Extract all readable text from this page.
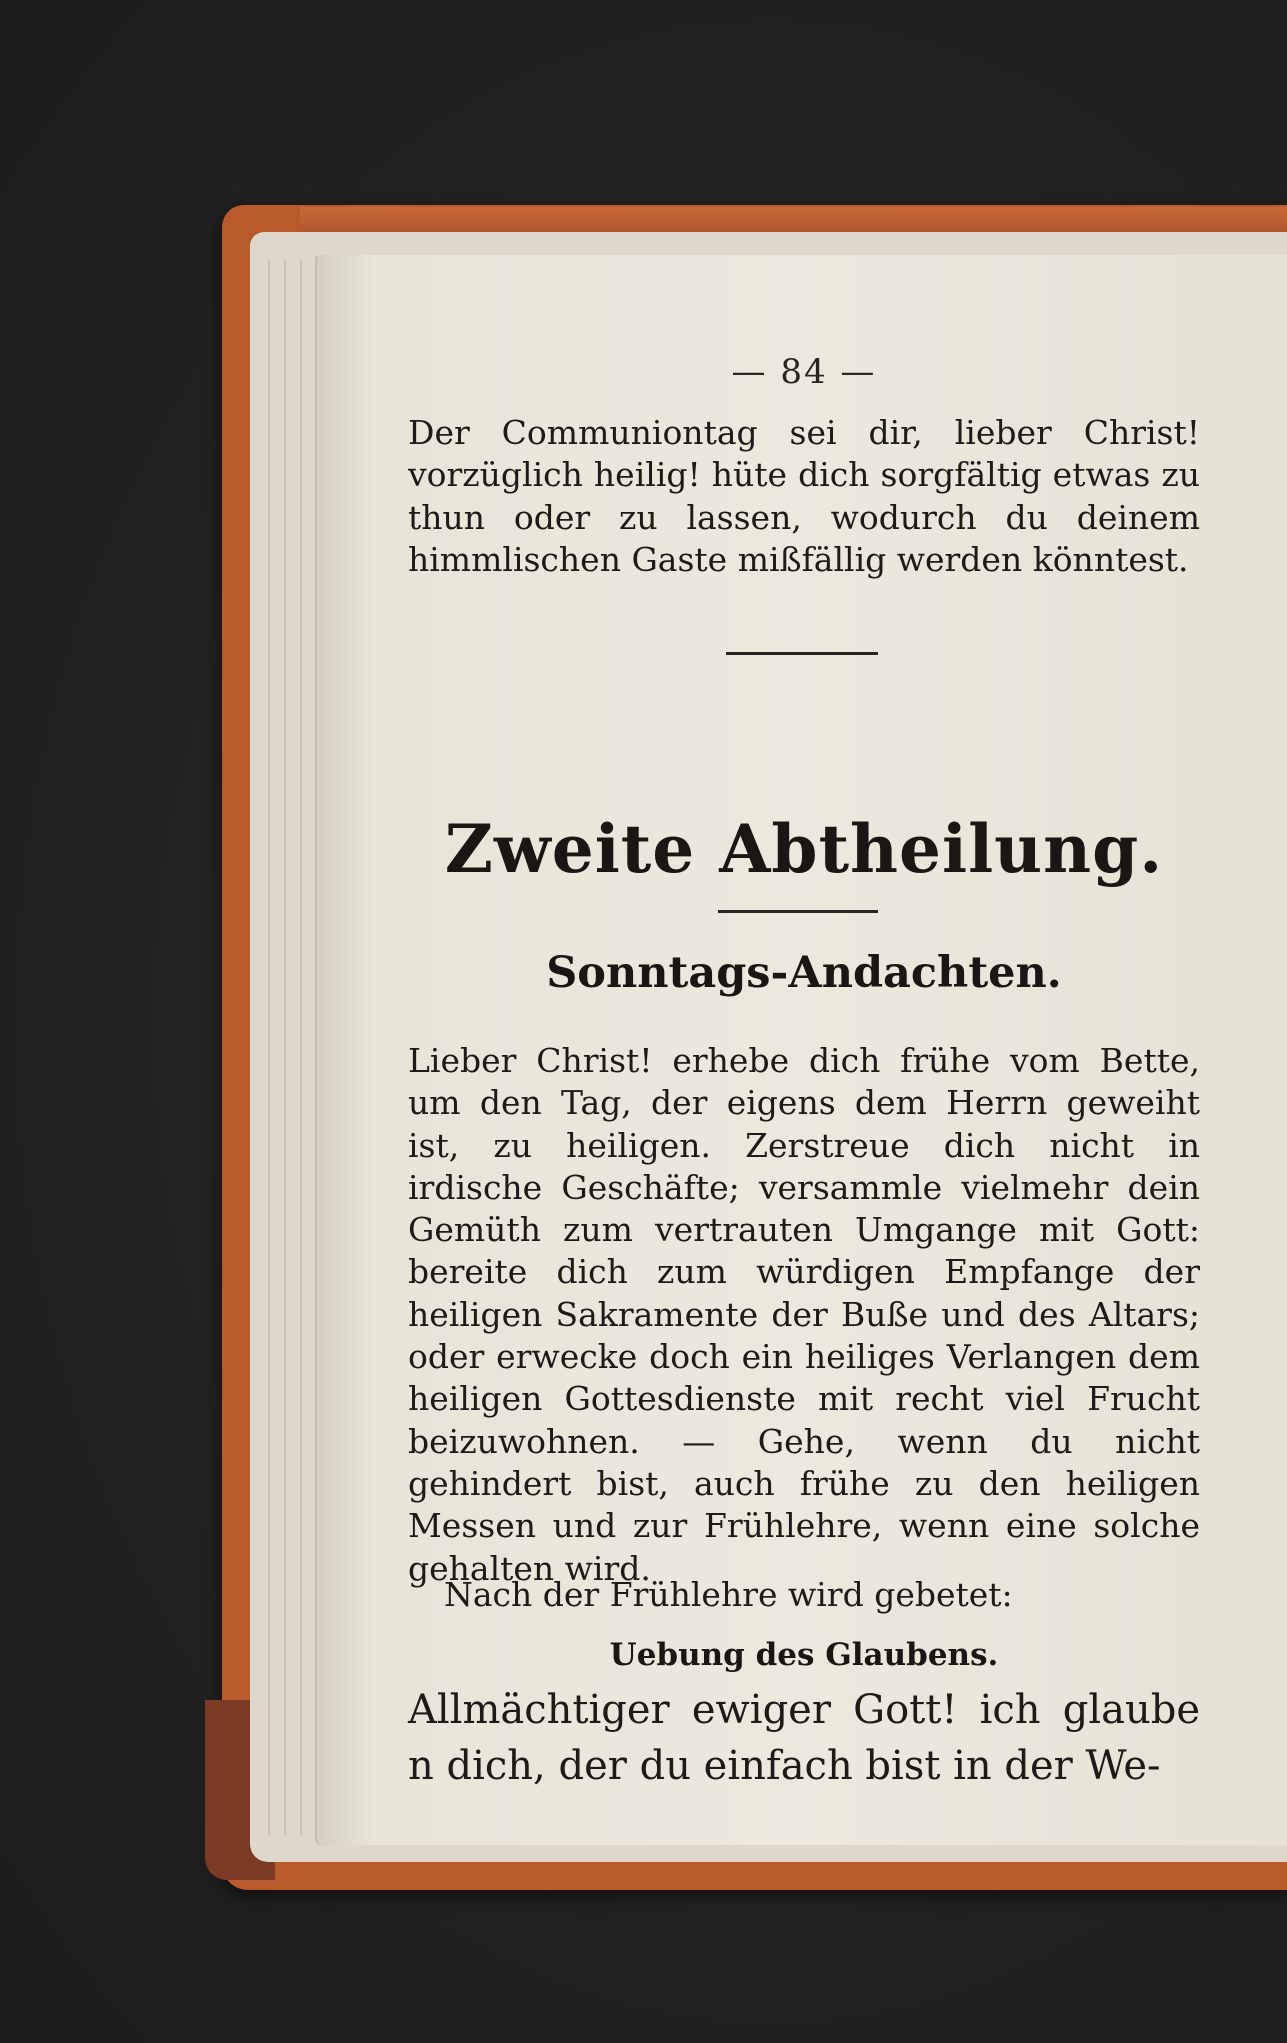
— 84 —
Der Communiontag sei dir, lieber Christ! vorzüglich heilig! hüte dich sorgfältig etwas zu thun oder zu lassen, wodurch du deinem himmlischen Gaste mißfällig werden könntest.
Zweite Abtheilung.
Sonntags-Andachten.
Lieber Christ! erhebe dich frühe vom Bette, um den Tag, der eigens dem Herrn geweiht ist, zu heiligen. Zerstreue dich nicht in irdische Geschäfte; versammle vielmehr dein Gemüth zum vertrauten Umgange mit Gott: bereite dich zum würdigen Empfange der heiligen Sakramente der Buße und des Altars; oder erwecke doch ein heiliges Verlangen dem heiligen Gottesdienste mit recht viel Frucht beizuwohnen. — Gehe, wenn du nicht gehindert bist, auch frühe zu den heiligen Messen und zur Frühlehre, wenn eine solche gehalten wird.
Nach der Frühlehre wird gebetet:
Uebung des Glaubens.
Allmächtiger ewiger Gott! ich glaube n dich, der du einfach bist in der We-
